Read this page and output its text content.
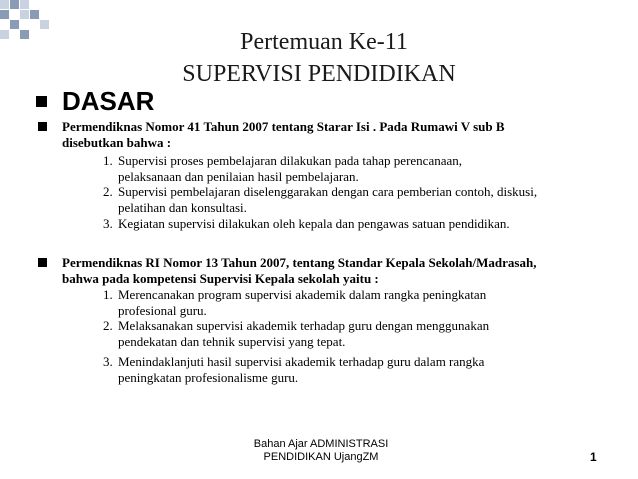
Pertemuan Ke-11
SUPERVISI PENDIDIKAN
DASAR
Permendiknas Nomor 41 Tahun 2007 tentang Starar Isi . Pada Rumawi V sub B
disebutkan bahwa :
1. Supervisi proses pembelajaran dilakukan pada tahap perencanaan,
pelaksanaan dan penilaian hasil pembelajaran.
2. Supervisi pembelajaran diselenggarakan dengan cara pemberian contoh, diskusi,
pelatihan dan konsultasi.
3. Kegiatan supervisi dilakukan oleh kepala dan pengawas satuan pendidikan.
Permendiknas RI Nomor 13 Tahun 2007, tentang Standar Kepala Sekolah/Madrasah,
bahwa pada kompetensi Supervisi Kepala sekolah yaitu :
1. Merencanakan program supervisi akademik dalam rangka peningkatan
profesional guru.
2. Melaksanakan supervisi akademik terhadap guru dengan menggunakan
pendekatan dan tehnik supervisi yang tepat.
3. Menindaklanjuti hasil supervisi akademik terhadap guru dalam rangka
peningkatan profesionalisme guru.
Bahan Ajar ADMINISTRASI
PENDIDIKAN UjangZM	1
